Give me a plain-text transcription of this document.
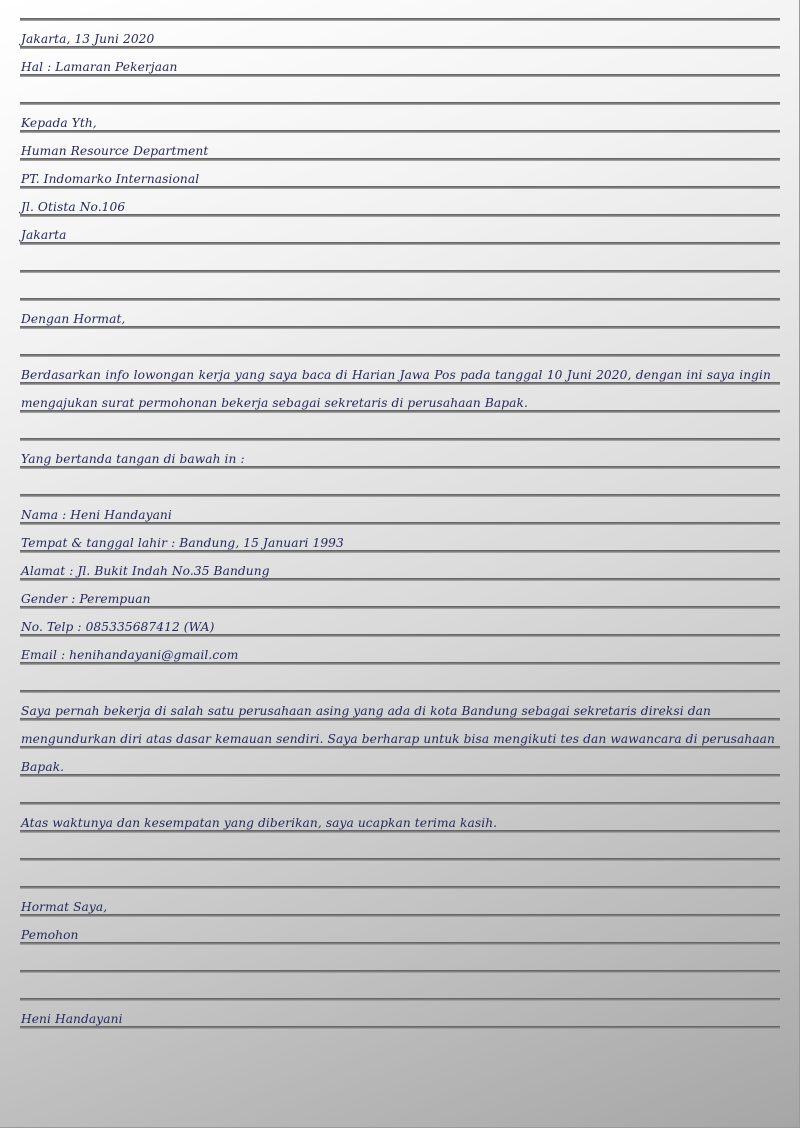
Jakarta, 13 Juni 2020
Hal : Lamaran Pekerjaan
Kepada Yth,
Human Resource Department
PT. Indomarko Internasional
Jl. Otista No.106
Jakarta
Dengan Hormat,
Berdasarkan info lowongan kerja yang saya baca di Harian Jawa Pos pada tanggal 10 Juni 2020, dengan ini saya ingin
mengajukan surat permohonan bekerja sebagai sekretaris di perusahaan Bapak.
Yang bertanda tangan di bawah in :
Nama : Heni Handayani
Tempat & tanggal lahir : Bandung, 15 Januari 1993
Alamat : Jl. Bukit Indah No.35 Bandung
Gender : Perempuan
No. Telp : 085335687412 (WA)
Email : henihandayani@gmail.com
Saya pernah bekerja di salah satu perusahaan asing yang ada di kota Bandung sebagai sekretaris direksi dan
mengundurkan diri atas dasar kemauan sendiri. Saya berharap untuk bisa mengikuti tes dan wawancara di perusahaan
Bapak.
Atas waktunya dan kesempatan yang diberikan, saya ucapkan terima kasih.
Hormat Saya,
Pemohon
Heni Handayani
